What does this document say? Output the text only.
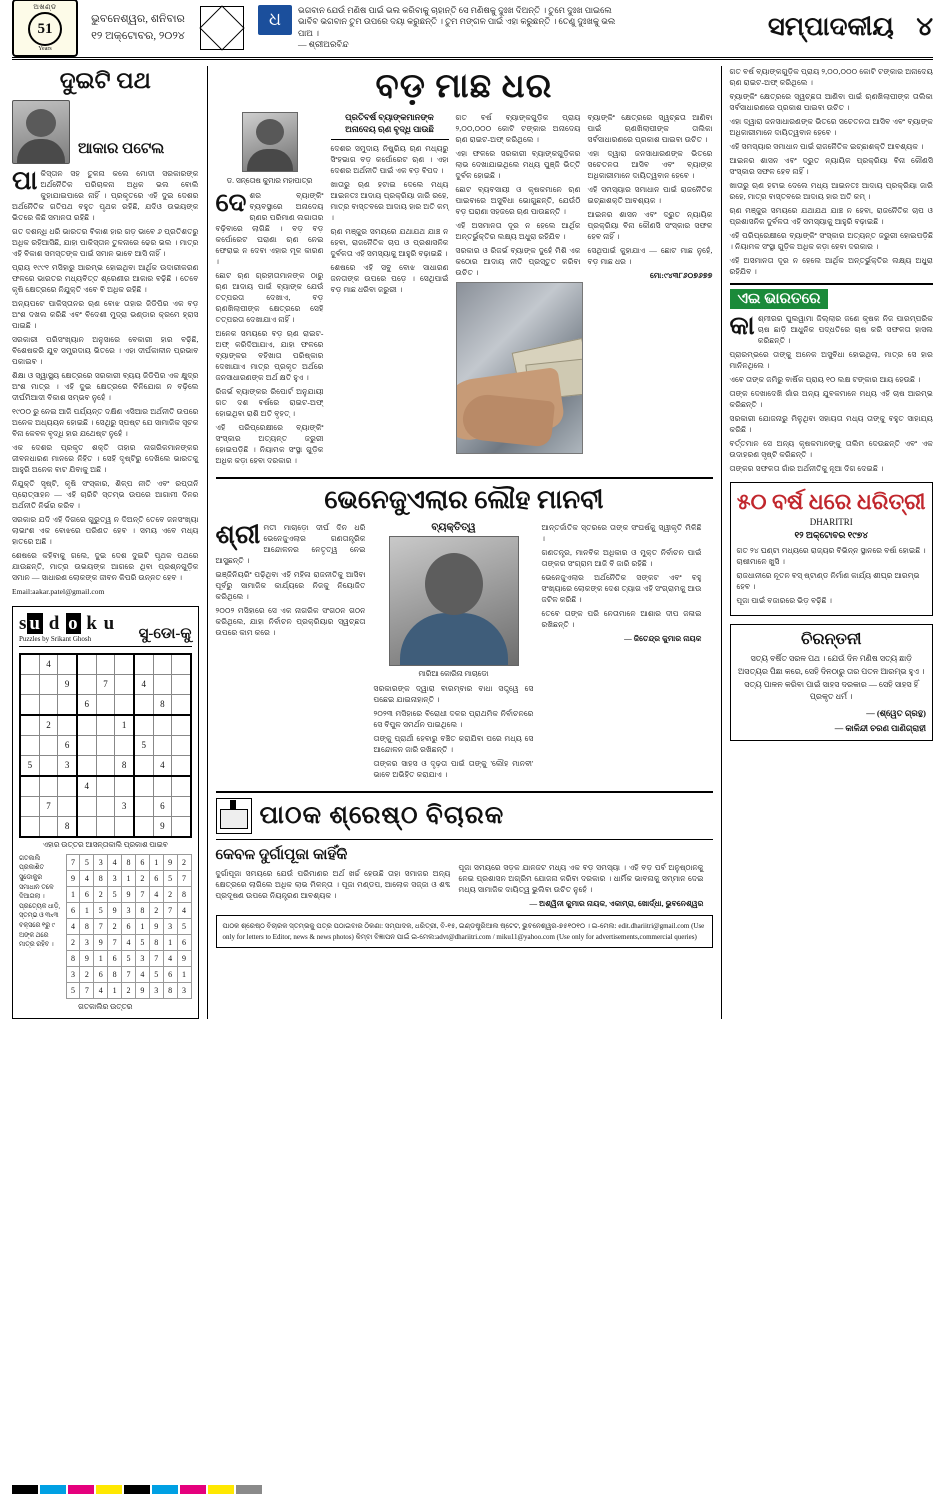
ଅଖଣ୍ଡ
51
Years
ଭୁବନେଶ୍ୱର, ଶନିବାର
୧୨ ଅକ୍ଟୋବର, ୨୦୨୪
ଧ	ଭଗବାନ ଯେଉଁ ମଣିଷ ପାଇଁ ଭଲ କରିବାକୁ ଚାହାନ୍ତି ସେ ମଣିଷକୁ ଦୁଃଖ ଦିଅନ୍ତି । ତୁମେ ଦୁଃଖ ପାଇଲେ ଭାବିବ ଭଗବାନ ତୁମ ଉପରେ ଦୟା କରୁଛନ୍ତି । ତୁମ ମଙ୍ଗଳ ପାଇଁ ଏହା କରୁଛନ୍ତି । ତେଣୁ ଦୁଃଖକୁ ଭଲ ପାଅ ।
— ଶ୍ରୀଅରବିନ୍ଦ
ସମ୍ପାଦକୀୟ ୪
ଦୁଇଟି ପଥ
ଆକାର ପଟେଲ

ପାକିସ୍ତାନ ସହ ତୁଳନା କଲେ ମୋଦୀ ସରକାରଙ୍କ ଅର୍ଥନୈତିକ ପରିଚାଳନା ଅଧିକ ଭଲ ବୋଲି କୁହାଯାଇପାରେ ନାହିଁ । ପ୍ରକୃତରେ ଏହି ଦୁଇ ଦେଶର ଅର୍ଥନୈତିକ ଗତିପଥ ବହୁତ ପୃଥକ ରହିଛି, ଯଦିଓ ଉଭୟଙ୍କ ଭିତରେ କିଛି ସମାନତା ରହିଛି ।

ଗତ ଦଶନ୍ଧି ଧରି ଭାରତର ବିକାଶ ହାର ଗଡ଼ ଭାବେ ୬ ପ୍ରତିଶତରୁ ଅଧିକ ରହିଆସିଛି, ଯାହା ପାକିସ୍ତାନ ତୁଳନାରେ ଢେର ଭଲ । ମାତ୍ର ଏହି ବିକାଶ ସମସ୍ତଙ୍କ ପାଇଁ ସମାନ ଭାବେ ଆସି ନାହିଁ ।

ପ୍ରାୟ ୧୯୯୧ ମସିହାରୁ ଆରମ୍ଭ ହୋଇଥିବା ଆର୍ଥିକ ଉଦାରୀକରଣ ଫଳରେ ଭାରତର ମଧ୍ୟବିତ୍ତ ଶ୍ରେଣୀର ଆକାର ବଢ଼ିଛି । ତେବେ କୃଷି କ୍ଷେତ୍ରରେ ନିଯୁକ୍ତି ଏବେ ବି ଅଧିକ ରହିଛି ।

ଅନ୍ୟପଟେ ପାକିସ୍ତାନର ଋଣ ବୋଝ ତାହାର ଜିଡିପିର ଏକ ବଡ଼ ଅଂଶ ଦଖଲ କରିଛି ଏବଂ ବିଦେଶୀ ମୁଦ୍ରା ଭଣ୍ଡାର କ୍ରମେ ହ୍ରାସ ପାଇଛି ।

ସରକାରୀ ପରିସଂଖ୍ୟାନ ଅନୁସାରେ ବେକାରୀ ହାର ବଢ଼ିଛି, ବିଶେଷକରି ଯୁବ ସମ୍ପ୍ରଦାୟ ଭିତରେ । ଏହା ଦୀର୍ଘକାଳୀନ ପ୍ରଭାବ ପକାଇବ ।

ଶିକ୍ଷା ଓ ସ୍ୱାସ୍ଥ୍ୟ କ୍ଷେତ୍ରରେ ସରକାରୀ ବ୍ୟୟ ଜିଡିପିର ଏକ କ୍ଷୁଦ୍ର ଅଂଶ ମାତ୍ର । ଏହି ଦୁଇ କ୍ଷେତ୍ରରେ ବିନିଯୋଗ ନ ବଢ଼ିଲେ ଦୀର୍ଘମିଆଦୀ ବିକାଶ ସମ୍ଭବ ନୁହେଁ ।

୧୯୦୦ ରୁ ନେଇ ଆଜି ପର୍ଯ୍ୟନ୍ତ ଦକ୍ଷିଣ ଏସିଆର ଅର୍ଥନୀତି ଉପରେ ଅନେକ ଅଧ୍ୟୟନ ହୋଇଛି । ସେଥିରୁ ସ୍ପଷ୍ଟ ଯେ ସାମାଜିକ ସୂଚକ ବିନା କେବଳ ବୃଦ୍ଧି ହାର ଯଥେଷ୍ଟ ନୁହେଁ ।

ଏକ ଦେଶର ପ୍ରକୃତ ଶକ୍ତି ତାହାର ନାଗରିକମାନଙ୍କର ଜୀବନଧାରଣ ମାନରେ ନିହିତ । ସେହି ଦୃଷ୍ଟିରୁ ଦେଖିଲେ ଭାରତକୁ ଆହୁରି ଅନେକ ବାଟ ଯିବାକୁ ଅଛି ।

ନିଯୁକ୍ତି ସୃଷ୍ଟି, କୃଷି ସଂସ୍କାର, ଶିଳ୍ପ ନୀତି ଏବଂ ରପ୍ତାନି ପ୍ରୋତ୍ସାହନ — ଏହି ଚାରିଟି ସ୍ତମ୍ଭ ଉପରେ ଆଗାମୀ ଦିନର ଅର୍ଥନୀତି ନିର୍ଭର କରିବ ।

ସରକାର ଯଦି ଏହି ଦିଗରେ ଗୁରୁତ୍ୱ ନ ଦିଅନ୍ତି ତେବେ ଜନସଂଖ୍ୟା ଲାଭାଂଶ ଏକ ବୋଝରେ ପରିଣତ ହେବ । ସମୟ ଏବେ ମଧ୍ୟ ହାତରେ ଅଛି ।

ଶେଷରେ କହିବାକୁ ଗଲେ, ଦୁଇ ଦେଶ ଦୁଇଟି ପୃଥକ ପଥରେ ଯାଉଛନ୍ତି, ମାତ୍ର ଉଭୟଙ୍କ ଆଗରେ ଥିବା ପ୍ରଶ୍ନଗୁଡ଼ିକ ସମାନ — ସାଧାରଣ ଲୋକଙ୍କ ଜୀବନ କିପରି ଉନ୍ନତ ହେବ ।

Email:aakar.patel@gmail.com
s u d o k u
Puzzles by Srikant Ghosh	ସୁ-ଡୋ-କୁ
	4							
		9		7		4		
			6				8	
	2				1			
		6				5		
5		3			8		4	
			4					
	7				3		6	
		8					9	
ଏହାର ଉତ୍ତର ଆସନ୍ତାକାଲି ପ୍ରକାଶ ପାଇବ
ଗତକାଲି ପ୍ରକାଶିତ ସୁଡୋକୁର ସମାଧାନ ତଳେ ଦିଆଗଲା । ପ୍ରତ୍ୟେକ ଧାଡ଼ି, ସ୍ତମ୍ଭ ଓ ୩x୩ ବକ୍ସରେ ୧ରୁ ୯ ଅଙ୍କ ଥରେ ମାତ୍ର ରହିବ ।
7	5	3	4	8	6	1	9	2
9	4	8	3	1	2	6	5	7
1	6	2	5	9	7	4	2	8
6	1	5	9	3	8	2	7	4
4	8	7	2	6	1	9	3	5
2	3	9	7	4	5	8	1	6
8	9	1	6	5	3	7	4	9
3	2	6	8	7	4	5	6	1
5	7	4	1	2	9	3	8	3
ଗତକାଲିର ଉତ୍ତର
ବଡ଼ ମାଛ ଧର
ଡ. ସନ୍ତୋଷ କୁମାର ମହାପାତ୍ର

ଦେଶର ବ୍ୟାଙ୍କିଂ ବ୍ୟବସ୍ଥାରେ ଅନାଦେୟ ଋଣର ପରିମାଣ ଲଗାତାର ବଢ଼ିବାରେ ଲାଗିଛି । ବଡ଼ ବଡ଼ କର୍ପୋରେଟ ଘରାଣା ଋଣ ନେଇ ଫେରାଇ ନ ଦେବା ଏହାର ମୂଳ କାରଣ ।

ଛୋଟ ଋଣ ଗ୍ରହୀତାମାନଙ୍କ ଠାରୁ ଋଣ ଆଦାୟ ପାଇଁ ବ୍ୟାଙ୍କ ଯେଉଁ ତତ୍ପରତା ଦେଖାଏ, ବଡ଼ ଋଣଖିଲାପୀଙ୍କ କ୍ଷେତ୍ରରେ ସେହି ତତ୍ପରତା ଦେଖାଯାଏ ନାହିଁ ।

ଅନେକ ସମୟରେ ବଡ଼ ଋଣ ରାଇଟ-ଅଫ୍ କରିଦିଆଯାଏ, ଯାହା ଫଳରେ ବ୍ୟାଙ୍କର ବହିଖାତା ପରିଷ୍କାର ଦେଖାଯାଏ ମାତ୍ର ପ୍ରକୃତ ଅର୍ଥରେ ଜନସାଧାରଣଙ୍କ ଅର୍ଥ କ୍ଷତି ହୁଏ ।

ରିଜର୍ଭ ବ୍ୟାଙ୍କର ରିପୋର୍ଟ ଅନୁଯାୟୀ ଗତ ଦଶ ବର୍ଷରେ ରାଇଟ-ଅଫ୍ ହୋଇଥିବା ରାଶି ଅତି ବୃହତ୍ ।

ଏହି ପରିପ୍ରେକ୍ଷୀରେ ବ୍ୟାଙ୍କିଂ ସଂସ୍କାର ଅତ୍ୟନ୍ତ ଜରୁରୀ ହୋଇପଡ଼ିଛି । ନିୟାମକ ସଂସ୍ଥା ଗୁଡ଼ିକ ଅଧିକ କଡ଼ା ହେବା ଦରକାର ।

ପ୍ରତିବର୍ଷ ବ୍ୟାଙ୍କମାନଙ୍କ ଅନାଦେୟ ଋଣ ବୃଦ୍ଧି ପାଉଛି

ଦେଶର ସମୁଦାୟ ନିଷ୍କ୍ରିୟ ଋଣ ମଧ୍ୟରୁ ସିଂହଭାଗ ବଡ଼ କର୍ପୋରେଟ ଋଣ । ଏହା ଦେଶର ଅର୍ଥନୀତି ପାଇଁ ଏକ ବଡ଼ ବିପଦ ।

ଖାତାରୁ ଋଣ ହଟାଇ ଦେଲେ ମଧ୍ୟ ଆଇନତଃ ଆଦାୟ ପ୍ରକ୍ରିୟା ଜାରି ରହେ, ମାତ୍ର ବାସ୍ତବରେ ଆଦାୟ ହାର ଅତି କମ୍ ।

ଋଣ ମଞ୍ଜୁର ସମୟରେ ଯଥାଯଥ ଯାଞ୍ଚ ନ ହେବା, ରାଜନୈତିକ ଚାପ ଓ ପ୍ରଶାସନିକ ଦୁର୍ବଳତା ଏହି ସମସ୍ୟାକୁ ଆହୁରି ବଢ଼ାଇଛି ।

ଶେଷରେ ଏହି ସବୁ ବୋଝ ସାଧାରଣ ଜନତାଙ୍କ ଉପରେ ପଡ଼େ । ସେଥିପାଇଁ ବଡ଼ ମାଛ ଧରିବା ଜରୁରୀ ।

ଗତ ବର୍ଷ ବ୍ୟାଙ୍କଗୁଡ଼ିକ ପ୍ରାୟ ୨,୦୦,୦୦୦ କୋଟି ଟଙ୍କାର ଅନାଦେୟ ଋଣ ରାଇଟ-ଅଫ୍ କରିଥିଲେ ।

ଏହା ଫଳରେ ସରକାରୀ ବ୍ୟାଙ୍କଗୁଡ଼ିକର ଲାଭ ଦେଖାଯାଇଥିଲେ ମଧ୍ୟ ପୁଞ୍ଜି ଭିତ୍ତି ଦୁର୍ବଳ ହୋଇଛି ।

ଛୋଟ ବ୍ୟବସାୟୀ ଓ କୃଷକମାନେ ଋଣ ପାଇବାରେ ଅସୁବିଧା ଭୋଗୁଛନ୍ତି, ଯେଉଁଠି ବଡ଼ ଘରାଣା ସହଜରେ ଋଣ ପାଉଛନ୍ତି ।

ଏହି ଅସମାନତା ଦୂର ନ ହେଲେ ଆର୍ଥିକ ଅନ୍ତର୍ଭୁକ୍ତିର ଲକ୍ଷ୍ୟ ଅଧୁରା ରହିଯିବ ।

ସରକାର ଓ ରିଜର୍ଭ ବ୍ୟାଙ୍କ ଦୁହେଁ ମିଶି ଏକ କଠୋର ଆଦାୟ ନୀତି ପ୍ରସ୍ତୁତ କରିବା ଉଚିତ ।

ବ୍ୟାଙ୍କିଂ କ୍ଷେତ୍ରରେ ସ୍ୱଚ୍ଛତା ଆଣିବା ପାଇଁ ଋଣଖିଲାପୀଙ୍କ ତାଲିକା ସର୍ବସାଧାରଣରେ ପ୍ରକାଶ ପାଇବା ଉଚିତ ।

ଏହା ଦ୍ୱାରା ଜନସାଧାରଣଙ୍କ ଭିତରେ ସଚେତନତା ଆସିବ ଏବଂ ବ୍ୟାଙ୍କ ଅଧିକାରୀମାନେ ଦାୟିତ୍ୱବାନ ହେବେ ।

ଏହି ସମସ୍ୟାର ସମାଧାନ ପାଇଁ ରାଜନୈତିକ ଇଚ୍ଛାଶକ୍ତି ଆବଶ୍ୟକ ।

ଆଇନର ଶାସନ ଏବଂ ଦ୍ରୁତ ନ୍ୟାୟିକ ପ୍ରକ୍ରିୟା ବିନା କୌଣସି ସଂସ୍କାର ସଫଳ ହେବ ନାହିଁ ।

ସେଥିପାଇଁ କୁହାଯାଏ — ଛୋଟ ମାଛ ନୁହେଁ, ବଡ଼ ମାଛ ଧର ।

ମୋ:୯୪୩୮୬୦୭୬୭୭
ଭେନେଜୁଏଲାର ଲୌହ ମାନବୀ

ଶ୍ରୀମତୀ ମାଚାଡ଼ୋ ଦୀର୍ଘ ଦିନ ଧରି ଭେନେଜୁଏଲାର ଗଣତାନ୍ତ୍ରିକ ଆନ୍ଦୋଳନର ନେତୃତ୍ୱ ନେଇ ଆସୁଛନ୍ତି ।

ଇଞ୍ଜିନିୟରିଂ ପଢ଼ିଥିବା ଏହି ମହିଳା ରାଜନୀତିକୁ ଆସିବା ପୂର୍ବରୁ ସାମାଜିକ କାର୍ଯ୍ୟରେ ନିଜକୁ ନିୟୋଜିତ କରିଥିଲେ ।

୨୦୦୨ ମସିହାରେ ସେ ଏକ ନାଗରିକ ସଂଗଠନ ଗଠନ କରିଥିଲେ, ଯାହା ନିର୍ବାଚନ ପ୍ରକ୍ରିୟାର ସ୍ୱଚ୍ଛତା ଉପରେ କାମ କରେ ।

ବ୍ୟକ୍ତିତ୍ୱ
ମାରିଆ କୋରିନା ମାଚାଡୋ

ସରକାରଙ୍କ ଦ୍ୱାରା ବାରମ୍ବାର ବାଧା ସତ୍ତ୍ୱେ ସେ ପଛେଇ ଯାଇନାହାନ୍ତି ।

୨୦୨୩ ମସିହାରେ ବିରୋଧୀ ଦଳର ପ୍ରାଥମିକ ନିର୍ବାଚନରେ ସେ ବିପୁଳ ସମର୍ଥନ ପାଇଥିଲେ ।

ତାଙ୍କୁ ପ୍ରାର୍ଥୀ ହେବାରୁ ବଞ୍ଚିତ କରାଯିବା ପରେ ମଧ୍ୟ ସେ ଆନ୍ଦୋଳନ ଜାରି ରଖିଛନ୍ତି ।

ତାଙ୍କର ସାହସ ଓ ଦୃଢ଼ତା ପାଇଁ ତାଙ୍କୁ 'ଲୌହ ମାନବୀ' ଭାବେ ଅଭିହିତ କରାଯାଏ ।

ଆନ୍ତର୍ଜାତିକ ସ୍ତରରେ ତାଙ୍କ ସଂଘର୍ଷକୁ ସ୍ୱୀକୃତି ମିଳିଛି ।

ଗଣତନ୍ତ୍ର, ମାନବିକ ଅଧିକାର ଓ ମୁକ୍ତ ନିର୍ବାଚନ ପାଇଁ ତାଙ୍କର ସଂଗ୍ରାମ ଆଜି ବି ଜାରି ରହିଛି ।

ଭେନେଜୁଏଲାର ଅର୍ଥନୈତିକ ସଙ୍କଟ ଏବଂ ବହୁ ସଂଖ୍ୟାରେ ଲୋକଙ୍କ ଦେଶ ତ୍ୟାଗ ଏହି ସଂଗ୍ରାମକୁ ଆଉ ଜଟିଳ କରିଛି ।

ତେବେ ତାଙ୍କ ପରି ନେତାମାନେ ଆଶାର ଦୀପ ଜଳାଇ ରଖିଛନ୍ତି ।

— ଜିତେନ୍ଦ୍ର କୁମାର ନାୟକ
ପାଠକ ଶ୍ରେଷ୍ଠ ବିଚାରକ
କେବଳ ଦୁର୍ଗାପୂଜା କାହିଁକି
ଦୁର୍ଗାପୂଜା ସମୟରେ ଯେଉଁ ପରିମାଣର ଅର୍ଥ ଖର୍ଚ୍ଚ ହେଉଛି ତାହା ସମାଜର ଅନ୍ୟ କ୍ଷେତ୍ରରେ ଲାଗିଲେ ଅଧିକ ଲାଭ ମିଳନ୍ତା । ପୂଜା ମଣ୍ଡପ, ଆଲୋକ ସଜ୍ଜା ଓ ଶବ୍ଦ ପ୍ରଦୂଷଣ ଉପରେ ନିୟନ୍ତ୍ରଣ ଆବଶ୍ୟକ ।
ପୂଜା ସମୟରେ ସଡ଼କ ଯାନଜଟ ମଧ୍ୟ ଏକ ବଡ଼ ସମସ୍ୟା । ଏହି ବଡ଼ ପର୍ବ ଅନୁଷ୍ଠାନକୁ ନେଇ ପ୍ରଶାସନ ଅଗ୍ରିମ ଯୋଜନା କରିବା ଦରକାର । ଧାର୍ମିକ ଭାବନାକୁ ସମ୍ମାନ ଦେଇ ମଧ୍ୟ ସାମାଜିକ ଦାୟିତ୍ୱ ଭୁଲିବା ଉଚିତ ନୁହେଁ ।
— ଅଶ୍ୱିନୀ କୁମାର ନାୟକ, ଏକାମ୍ରା, ଖୋର୍ଦ୍ଧା, ଭୁବନେଶ୍ୱର
ପାଠକ ଶ୍ରେଷ୍ଠ ବିଚାରକ ସ୍ତମ୍ଭକୁ ପତ୍ର ପଠାଇବାର ଠିକଣା: ସମ୍ପାଦକ, ଧରିତ୍ରୀ, ବି-୧୫, ଇଣ୍ଡଷ୍ଟ୍ରିଆଲ ଷ୍ଟେଟ, ଭୁବନେଶ୍ୱର-୭୫୧୦୧୦ । ଇ-ମେଲ: edit.dhariitri@gmail.com (Use only for letters to Editor, news & news photos) କିମ୍ବା ବିଜ୍ଞାପନ ପାଇଁ ଇ-ମେଲ:advt@dhariitri.com / miku11@yahoo.com (Use only for advertisements,commercial queries)

ଗତ ବର୍ଷ ବ୍ୟାଙ୍କଗୁଡ଼ିକ ପ୍ରାୟ ୨,୦୦,୦୦୦ କୋଟି ଟଙ୍କାର ଅନାଦେୟ ଋଣ ରାଇଟ-ଅଫ୍ କରିଥିଲେ ।

ବ୍ୟାଙ୍କିଂ କ୍ଷେତ୍ରରେ ସ୍ୱଚ୍ଛତା ଆଣିବା ପାଇଁ ଋଣଖିଲାପୀଙ୍କ ତାଲିକା ସର୍ବସାଧାରଣରେ ପ୍ରକାଶ ପାଇବା ଉଚିତ ।

ଏହା ଦ୍ୱାରା ଜନସାଧାରଣଙ୍କ ଭିତରେ ସଚେତନତା ଆସିବ ଏବଂ ବ୍ୟାଙ୍କ ଅଧିକାରୀମାନେ ଦାୟିତ୍ୱବାନ ହେବେ ।

ଏହି ସମସ୍ୟାର ସମାଧାନ ପାଇଁ ରାଜନୈତିକ ଇଚ୍ଛାଶକ୍ତି ଆବଶ୍ୟକ ।

ଆଇନର ଶାସନ ଏବଂ ଦ୍ରୁତ ନ୍ୟାୟିକ ପ୍ରକ୍ରିୟା ବିନା କୌଣସି ସଂସ୍କାର ସଫଳ ହେବ ନାହିଁ ।

ଖାତାରୁ ଋଣ ହଟାଇ ଦେଲେ ମଧ୍ୟ ଆଇନତଃ ଆଦାୟ ପ୍ରକ୍ରିୟା ଜାରି ରହେ, ମାତ୍ର ବାସ୍ତବରେ ଆଦାୟ ହାର ଅତି କମ୍ ।

ଋଣ ମଞ୍ଜୁର ସମୟରେ ଯଥାଯଥ ଯାଞ୍ଚ ନ ହେବା, ରାଜନୈତିକ ଚାପ ଓ ପ୍ରଶାସନିକ ଦୁର୍ବଳତା ଏହି ସମସ୍ୟାକୁ ଆହୁରି ବଢ଼ାଇଛି ।

ଏହି ପରିପ୍ରେକ୍ଷୀରେ ବ୍ୟାଙ୍କିଂ ସଂସ୍କାର ଅତ୍ୟନ୍ତ ଜରୁରୀ ହୋଇପଡ଼ିଛି । ନିୟାମକ ସଂସ୍ଥା ଗୁଡ଼ିକ ଅଧିକ କଡ଼ା ହେବା ଦରକାର ।

ଏହି ଅସମାନତା ଦୂର ନ ହେଲେ ଆର୍ଥିକ ଅନ୍ତର୍ଭୁକ୍ତିର ଲକ୍ଷ୍ୟ ଅଧୁରା ରହିଯିବ ।

ଏଇ ଭାରତରେ

କାଶ୍ମୀରର ପୁଲୱାମା ଜିଲ୍ଲାର ଜଣେ କୃଷକ ନିଜ ପାରମ୍ପରିକ ଚାଷ ଛାଡ଼ି ଆଧୁନିକ ପଦ୍ଧତିରେ ଚାଷ କରି ସଫଳତା ହାସଲ କରିଛନ୍ତି ।

ପ୍ରାରମ୍ଭରେ ତାଙ୍କୁ ଅନେକ ଅସୁବିଧା ହୋଇଥିଲା, ମାତ୍ର ସେ ହାର ମାନିନଥିଲେ ।

ଏବେ ତାଙ୍କ ଜମିରୁ ବାର୍ଷିକ ପ୍ରାୟ ୧୦ ଲକ୍ଷ ଟଙ୍କାର ଆୟ ହେଉଛି ।

ତାଙ୍କ ଦେଖାଦେଖି ଗାଁର ଅନ୍ୟ ଯୁବକମାନେ ମଧ୍ୟ ଏହି ଚାଷ ଆରମ୍ଭ କରିଛନ୍ତି ।

ସରକାରୀ ଯୋଜନାରୁ ମିଳୁଥିବା ସହାୟତା ମଧ୍ୟ ତାଙ୍କୁ ବହୁତ ସାହାଯ୍ୟ କରିଛି ।

ବର୍ତ୍ତମାନ ସେ ଅନ୍ୟ କୃଷକମାନଙ୍କୁ ତାଲିମ ଦେଉଛନ୍ତି ଏବଂ ଏକ ଉଦାହରଣ ସୃଷ୍ଟି କରିଛନ୍ତି ।

ତାଙ୍କର ସଫଳତା ଗାଁର ଅର୍ଥନୀତିକୁ ନୂଆ ଦିଗ ଦେଇଛି ।

୫୦ ବର୍ଷ ଧରେ ଧରିତ୍ରୀ
DHARITRI
୧୨ ଅକ୍ଟୋବର ୧୯୭୪

ଗତ ୨୪ ଘଣ୍ଟା ମଧ୍ୟରେ ରାଜ୍ୟର ବିଭିନ୍ନ ସ୍ଥାନରେ ବର୍ଷା ହୋଇଛି । ଚାଷୀମାନେ ଖୁସି ।

ରାଜଧାନୀରେ ନୂତନ ବସ୍ ଷ୍ଟାଣ୍ଡ ନିର୍ମାଣ କାର୍ଯ୍ୟ ଶୀଘ୍ର ଆରମ୍ଭ ହେବ ।

ପୂଜା ପାଇଁ ବଜାରରେ ଭିଡ଼ ବଢ଼ିଛି ।

ଚିରନ୍ତନୀ
ସତ୍ୟ ବର୍ଷିତ ସରଳ ପଥ । ଯେଉଁ ଦିନ ମଣିଷ ସତ୍ୟ ଛାଡ଼ି ଅସତ୍ୟର ପିଛା କରେ, ସେହି ଦିନଠାରୁ ତାର ପତନ ଆରମ୍ଭ ହୁଏ । ସତ୍ୟ ପାଳନ କରିବା ପାଇଁ ସାହସ ଦରକାର — ସେହି ସାହସ ହିଁ ପ୍ରକୃତ ଧର୍ମ ।
— (ଶ୍ୱେତ ଗ୍ରନ୍ଥ)
— କାଳିନ୍ଦୀ ଚରଣ ପାଣିଗ୍ରାହୀ
